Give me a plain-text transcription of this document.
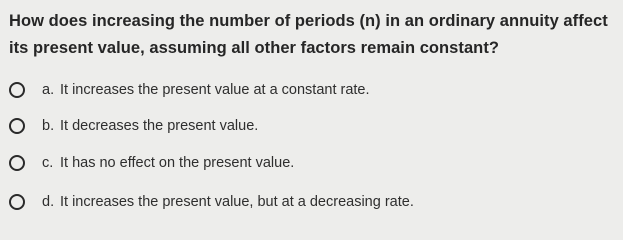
How does increasing the number of periods (n) in an ordinary annuity affect its present value, assuming all other factors remain constant?
a. It increases the present value at a constant rate.
b. It decreases the present value.
c. It has no effect on the present value.
d. It increases the present value, but at a decreasing rate.
